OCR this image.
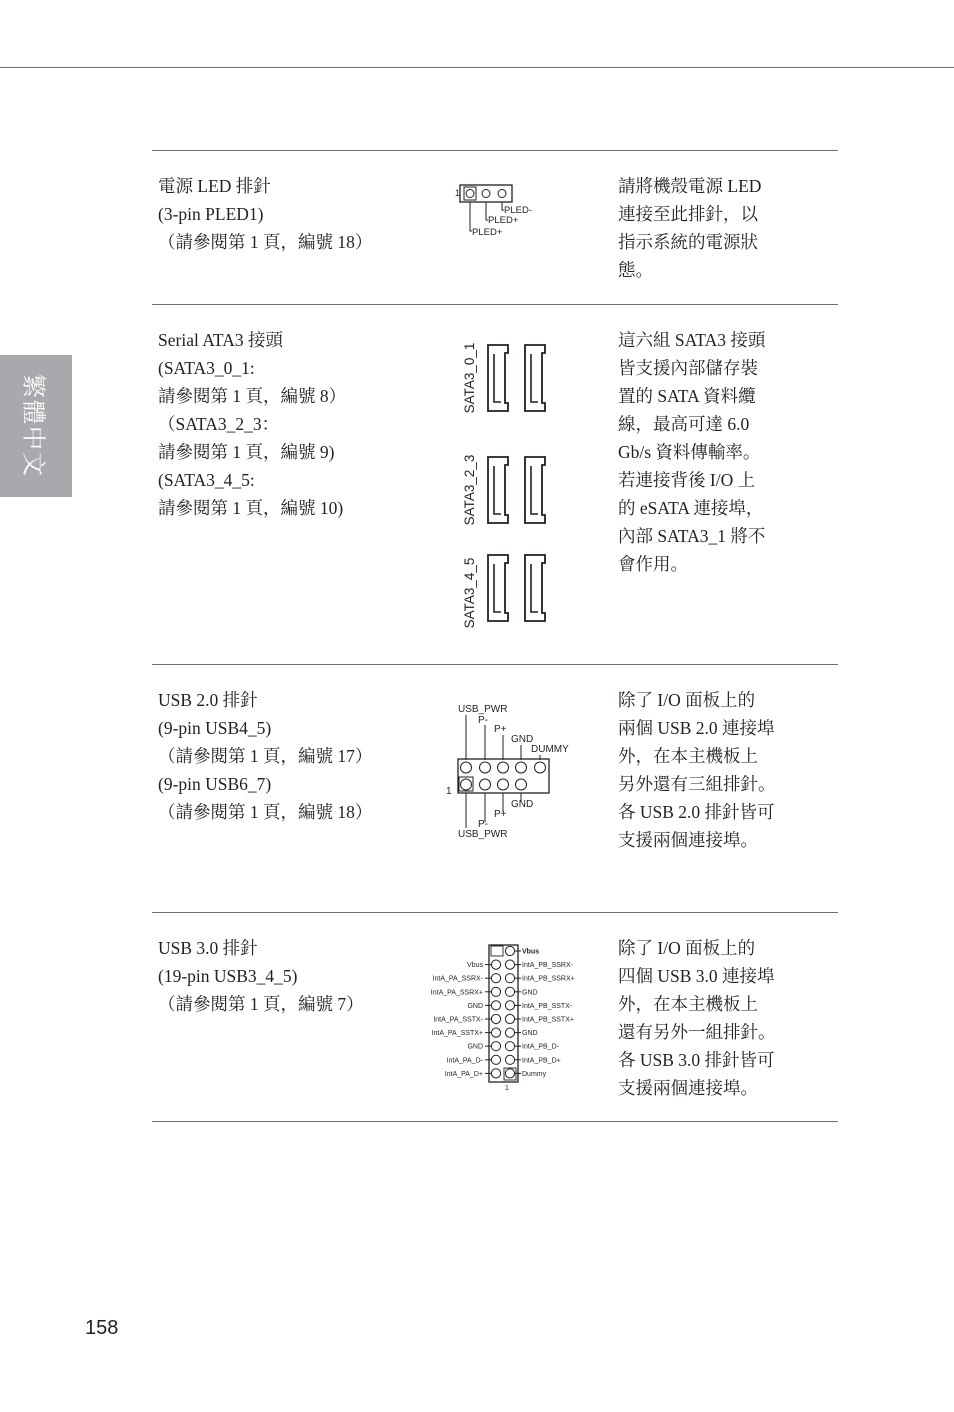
繁體中文
電源 LED 排針
(3-pin PLED1)
（請參閱第 1 頁，編號 18）
請將機殼電源 LED
連接至此排針，以
指示系統的電源狀
態。
1
PLED-
PLED+
PLED+
Serial ATA3 接頭
(SATA3_0_1:
請參閱第 1 頁，編號 8）
（SATA3_2_3：
請參閱第 1 頁，編號 9)
(SATA3_4_5:
請參閱第 1 頁，編號 10)
這六組 SATA3 接頭
皆支援內部儲存裝
置的 SATA 資料纜
線，最高可達 6.0
Gb/s 資料傳輸率。
若連接背後 I/O 上
的 eSATA 連接埠，
內部 SATA3_1 將不
會作用。
SATA3_0_1
SATA3_2_3
SATA3_4_5
USB 2.0 排針
(9-pin USB4_5)
（請參閱第 1 頁，編號 17）
(9-pin USB6_7)
（請參閱第 1 頁，編號 18）
除了 I/O 面板上的
兩個 USB 2.0 連接埠
外，在本主機板上
另外還有三組排針。
各 USB 2.0 排針皆可
支援兩個連接埠。
USB_PWR
P-
P+
GND
DUMMY
1
GND
P+
P-
USB_PWR
USB 3.0 排針
(19-pin USB3_4_5)
（請參閱第 1 頁，編號 7）
除了 I/O 面板上的
四個 USB 3.0 連接埠
外，在本主機板上
還有另外一組排針。
各 USB 3.0 排針皆可
支援兩個連接埠。
Vbus
IntA_PB_SSRX-
IntA_PB_SSRX+
GND
IntA_PB_SSTX-
IntA_PB_SSTX+
GND
IntA_PB_D-
IntA_PB_D+
Dummy
Vbus
IntA_PA_SSRX-
IntA_PA_SSRX+
GND
IntA_PA_SSTX-
IntA_PA_SSTX+
GND
IntA_PA_D-
IntA_PA_D+
1
158
